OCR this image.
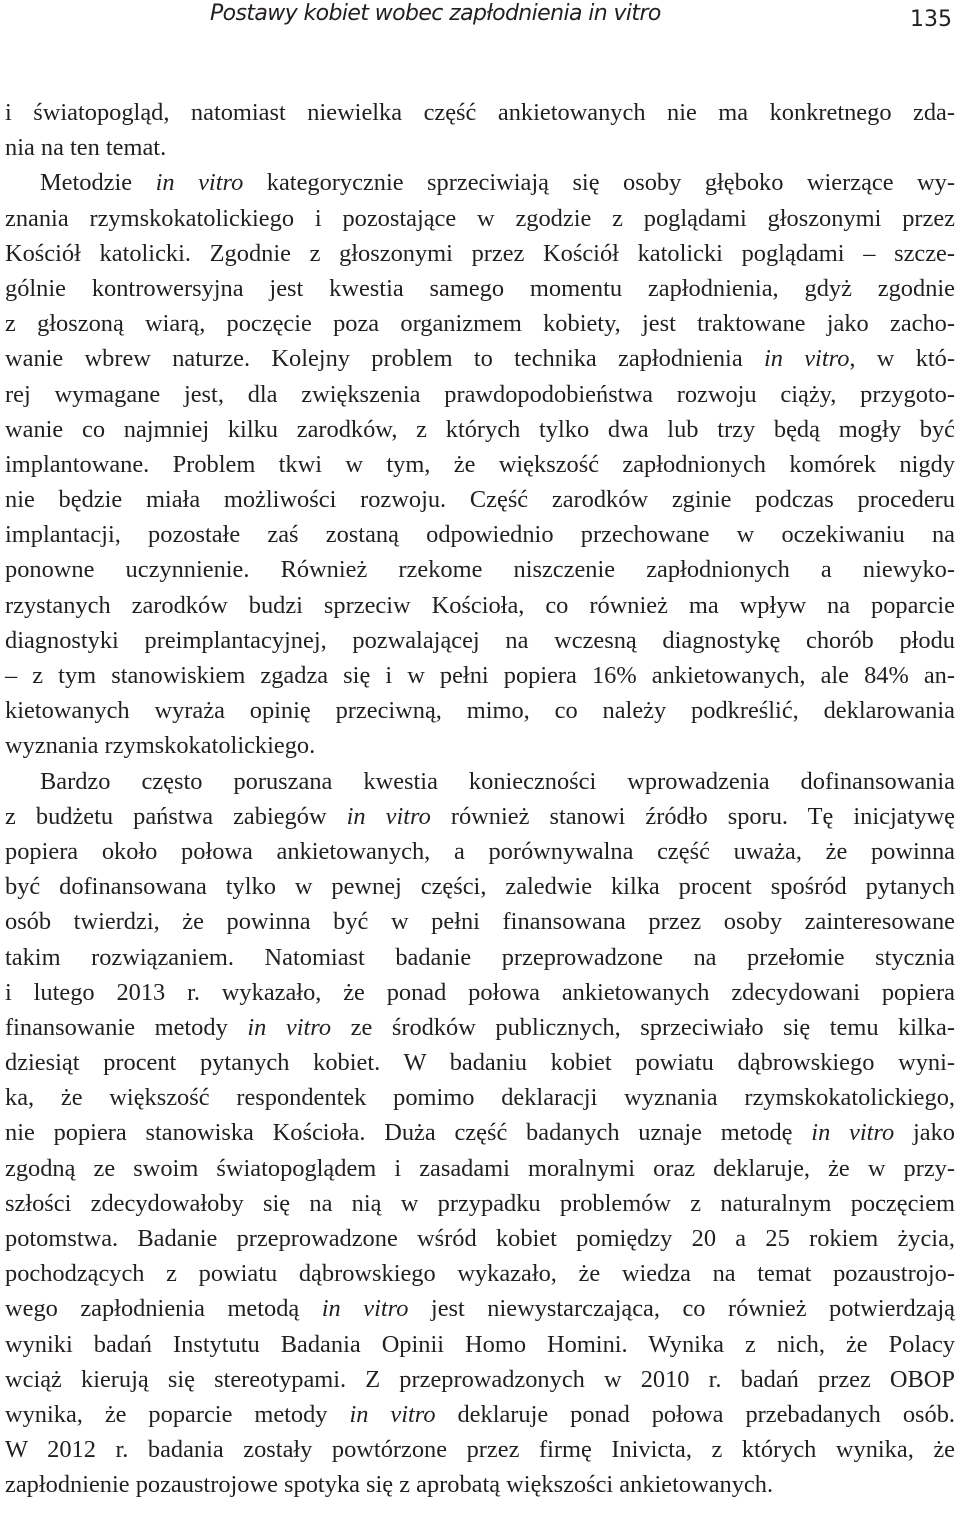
Postawy kobiet wobec zapłodnienia in vitro	135
i światopogląd, natomiast niewielka część ankietowanych nie ma konkretnego zda-
nia na ten temat.
Metodzie in vitro kategorycznie sprzeciwiają się osoby głęboko wierzące wy-
znania rzymskokatolickiego i pozostające w zgodzie z poglądami głoszonymi przez
Kościół katolicki. Zgodnie z głoszonymi przez Kościół katolicki poglądami – szcze-
gólnie kontrowersyjna jest kwestia samego momentu zapłodnienia, gdyż zgodnie
z głoszoną wiarą, poczęcie poza organizmem kobiety, jest traktowane jako zacho-
wanie wbrew naturze. Kolejny problem to technika zapłodnienia in vitro, w któ-
rej wymagane jest, dla zwiększenia prawdopodobieństwa rozwoju ciąży, przygoto-
wanie co najmniej kilku zarodków, z których tylko dwa lub trzy będą mogły być
implantowane. Problem tkwi w tym, że większość zapłodnionych komórek nigdy
nie będzie miała możliwości rozwoju. Część zarodków zginie podczas procederu
implantacji, pozostałe zaś zostaną odpowiednio przechowane w oczekiwaniu na
ponowne uczynnienie. Również rzekome niszczenie zapłodnionych a niewyko-
rzystanych zarodków budzi sprzeciw Kościoła, co również ma wpływ na poparcie
diagnostyki preimplantacyjnej, pozwalającej na wczesną diagnostykę chorób płodu
– z tym stanowiskiem zgadza się i w pełni popiera 16% ankietowanych, ale 84% an-
kietowanych wyraża opinię przeciwną, mimo, co należy podkreślić, deklarowania
wyznania rzymskokatolickiego.
Bardzo często poruszana kwestia konieczności wprowadzenia dofinansowania
z budżetu państwa zabiegów in vitro również stanowi źródło sporu. Tę inicjatywę
popiera około połowa ankietowanych, a porównywalna część uważa, że powinna
być dofinansowana tylko w pewnej części, zaledwie kilka procent spośród pytanych
osób twierdzi, że powinna być w pełni finansowana przez osoby zainteresowane
takim rozwiązaniem. Natomiast badanie przeprowadzone na przełomie stycznia
i lutego 2013 r. wykazało, że ponad połowa ankietowanych zdecydowani popiera
finansowanie metody in vitro ze środków publicznych, sprzeciwiało się temu kilka-
dziesiąt procent pytanych kobiet. W badaniu kobiet powiatu dąbrowskiego wyni-
ka, że większość respondentek pomimo deklaracji wyznania rzymskokatolickiego,
nie popiera stanowiska Kościoła. Duża część badanych uznaje metodę in vitro jako
zgodną ze swoim światopoglądem i zasadami moralnymi oraz deklaruje, że w przy-
szłości zdecydowałoby się na nią w przypadku problemów z naturalnym poczęciem
potomstwa. Badanie przeprowadzone wśród kobiet pomiędzy 20 a 25 rokiem życia,
pochodzących z powiatu dąbrowskiego wykazało, że wiedza na temat pozaustrojo-
wego zapłodnienia metodą in vitro jest niewystarczająca, co również potwierdzają
wyniki badań Instytutu Badania Opinii Homo Homini. Wynika z nich, że Polacy
wciąż kierują się stereotypami. Z przeprowadzonych w 2010 r. badań przez OBOP
wynika, że poparcie metody in vitro deklaruje ponad połowa przebadanych osób.
W 2012 r. badania zostały powtórzone przez firmę Inivicta, z których wynika, że
zapłodnienie pozaustrojowe spotyka się z aprobatą większości ankietowanych.
